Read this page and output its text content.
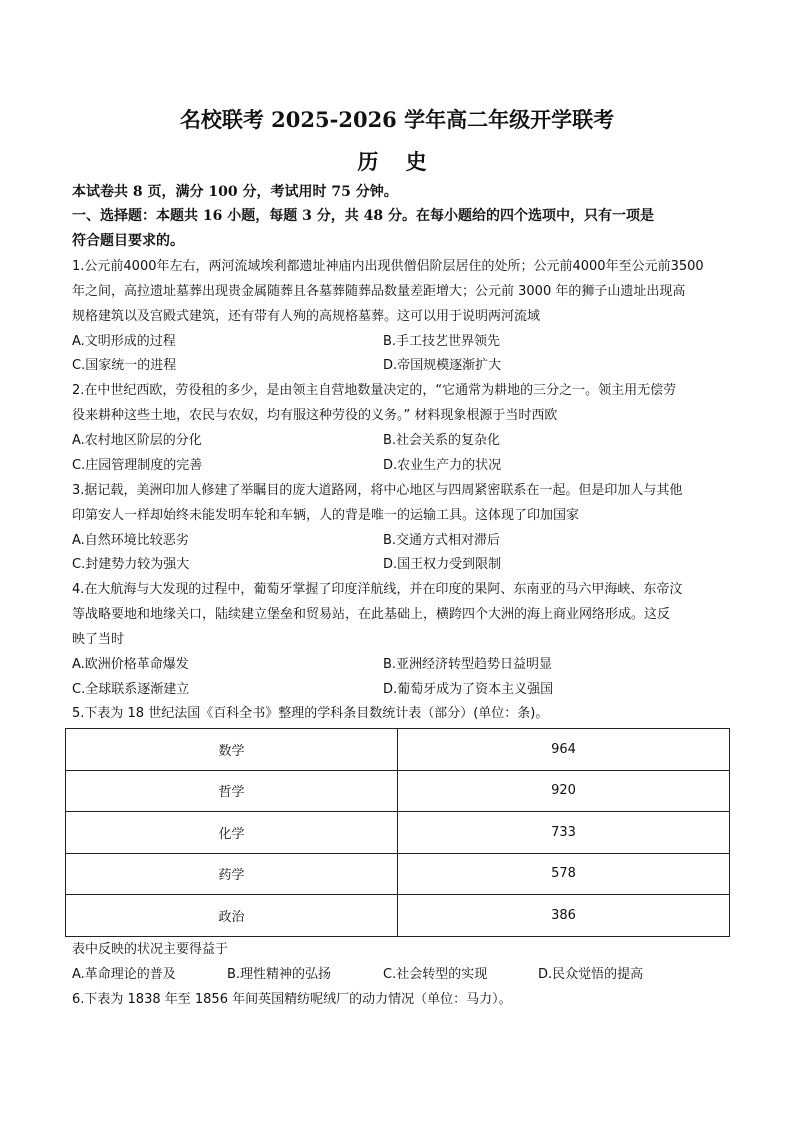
名校联考 2025-2026 学年高二年级开学联考
历 史
本试卷共 8 页，满分 100 分，考试用时 75 分钟。
一、选择题：本题共 16 小题，每题 3 分，共 48 分。在每小题给的四个选项中，只有一项是
符合题目要求的。
1.公元前4000年左右，两河流域埃利都遗址神庙内出现供僧侣阶层居住的处所；公元前4000年至公元前3500
年之间，高拉遗址墓葬出现贵金属随葬且各墓葬随葬品数量差距增大；公元前 3000 年的狮子山遗址出现高
规格建筑以及宫殿式建筑，还有带有人殉的高规格墓葬。这可以用于说明两河流域
A.文明形成的过程	B.手工技艺世界领先
C.国家统一的进程	D.帝国规模逐渐扩大
2.在中世纪西欧，劳役租的多少，是由领主自营地数量决定的，“它通常为耕地的三分之一。领主用无偿劳
役来耕种这些土地，农民与农奴，均有服这种劳役的义务。” 材料现象根源于当时西欧
A.农村地区阶层的分化	B.社会关系的复杂化
C.庄园管理制度的完善	D.农业生产力的状况
3.据记载，美洲印加人修建了举瞩目的庞大道路网，将中心地区与四周紧密联系在一起。但是印加人与其他
印第安人一样却始终未能发明车轮和车辆，人的背是唯一的运输工具。这体现了印加国家
A.自然环境比较恶劣	B.交通方式相对滞后
C.封建势力较为强大	D.国王权力受到限制
4.在大航海与大发现的过程中，葡萄牙掌握了印度洋航线，并在印度的果阿、东南亚的马六甲海峡、东帝汶
等战略要地和地缘关口，陆续建立堡垒和贸易站，在此基础上，横跨四个大洲的海上商业网络形成。这反
映了当时
A.欧洲价格革命爆发	B.亚洲经济转型趋势日益明显
C.全球联系逐渐建立	D.葡萄牙成为了资本主义强国
5.下表为 18 世纪法国《百科全书》整理的学科条目数统计表（部分）(单位：条)。
数学	964
哲学	920
化学	733
药学	578
政治	386
表中反映的状况主要得益于
A.革命理论的普及	B.理性精神的弘扬	C.社会转型的实现	D.民众觉悟的提高
6.下表为 1838 年至 1856 年间英国精纺呢绒厂的动力情况（单位：马力）。
